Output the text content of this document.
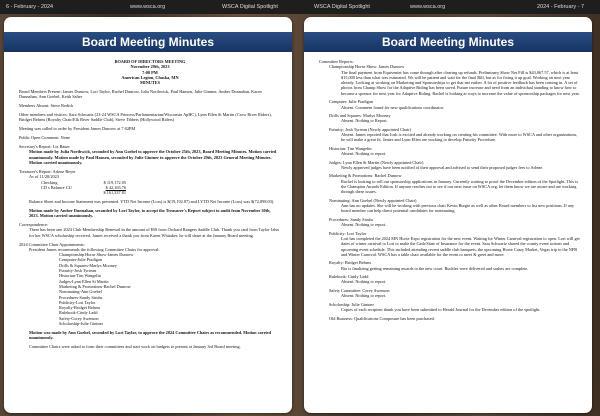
6 - February - 2024	www.wsca.org	WSCA Digital Spotlight	WSCA Digital Spotlight	www.wsca.org	2024 - February - 7
Board Meeting Minutes
BOARD OF DIRECTORS MEETING
November 29th, 2023
7:00 PM
American Legion, Chaska, MN
MINUTES

Board Members Present: James Dunrow, Lori Taylor, Rachel Dunrow, Julia Northwick, Paul Hansen, Julie Gintner, Amber Dunnahan, Karen Dunnahan, Ann Goebel, Keith Salter

Members Absent: Steve Redick

Other members and visitors: Sara Schwartz (23-24 WSCA Princess/Parliamentarian/Wisconsin ApHC), Lynn Ellen St Martin (Crow River Riders), Bridget Behrns (Royalty Chair/Elk River Saddle Club), Steve Tibbets (Hollywood Riders)

Meeting was called to order by President James Dunrow at 7:02PM

Public Open Comment: None

Secretary's Report: Liz Bauer

Motion made by Julia Northwick, seconded by Ann Goebel to approve the October 25th, 2023, Board Meeting Minutes. Motion carried unanimously. Motion made by Paul Hansen, seconded by Julie Gintner to approve the October 29th, 2023 General Meeting Minutes. Motion carried unanimously.

Treasurer's Report: Arlene Beyer
As of 11/28/2023
Checking	$ 119,172.05
CD s Balance CU	$ 42,165.76
$ 161,337.81

Balance Sheet and Income Statement was presented. YTD Net Income (Loss) is $(19,192.87) and LYTD Net Income (Loss) was $(72,898.03).

Motion made by Amber Dunnahan, seconded by Lori Taylor, to accept the Treasurer's Report subject to audit from November 30th, 2023. Motion carried unanimously.

Correspondence:

There has been one 2024 Club Membership Renewal in the amount of $50 from Orchard Rangers Saddle Club. Thank you card from Taylor Jahn for her WSCA scholarship received. James received a thank you from Karen Whitaker, he will share at the January Board meeting.

2024 Committee Chair Appointments:
President James recommends the following Committee Chairs for approval:
Championship Horse Show-James Dunrow
Computer-Julie Pradigan
Drills & Squares-Marlys Mooney
Futurity-Josh Tyrrean
Historian-Tim Wangelin
Judges-Lynn Ellen St Martin
Marketing & Promotions-Rachel Dunrow
Nominating-Ann Goebel
Procedures-Sandy Struhs
Publicity-Lori Taylor
Royalty-Bridget Behrns
Rulebook-Cindy Ladd
Safety-Corey Swenson
Scholarship-Julie Gintner

Motion was made by Ann Goebel, seconded by Lori Taylor, to approve the 2024 Committee Chairs as recommended. Motion carried unanimously.

Committee Chairs were asked to form their committees and start work on budgets to present at January 3rd Board meeting.

Board Meeting Minutes
Committee Reports:
Championship Horse Show: James Dunrow
The final payment from Equiventer has come through after clearing up refunds. Preliminary Show Net Fill is $43,067.57, which is at least $15,000 less than what was estimated. We will be patient and wait for the final Bill, but as for fixing it up goal. Working on next year already. Looking at working on Marketing and Sponsorships to get that net earlier. A lot of positive feedback has been coming in. A set of photos from Champ Show for the Adaptive Riding has been saved. Future increase and need from an individual standing to know how to become a sponsor for next year for Adaptive Riding. Rachel is looking at ways to increase the value of sponsorship packages for next year.
Computer: Julie Pradigan
Absent. Comment found for new qualifications coordinator.
Drills and Squares: Marlys Mooney
Absent. Nothing to Report.
Futurity: Josh Tyrrean (Newly appointed Chair)
Absent. James reported that Josh is excited and already working on creating his committee. With more to WSCA and other organizations, he will make a great fit. James and Lynn Ellen are working to develop Futurity Procedure.
Historian: Tim Wangelin
Absent. Nothing to report.
Judges: Lynn Ellen St Martin (Newly appointed Chair)
Newly approved judges have been notified of their approval and advised to send their proposed judges fees to Arlene.
Marketing & Promotions: Rachel Dunrow
Rachel is looking to roll out sponsorship applications in January. Currently waiting to proof the December edition of the Spotlight. This is the Champion Awards Edition. If anyone reaches out to see if our next issue on WSCA.org, let them know we are aware and are working through these issues.
Nominating: Ann Goebel (Newly appointed Chair)
Ann has no updates. She will be working with previous chair Kevin Burgie as well as other Board members to list new positions. If any board member can help direct potential candidates for nominating.
Procedures: Sandy Struhs
Absent. Nothing to report.
Publicity: Lori Taylor
Lori has completed the 2024 MN Horse Expo registration for the new event. Waiting for Winter Carnival registration to open. Lori will get dates of winter carnival to Lori to make the Cash/State of Insurance for the event. Sara Schwartz shared the county event actions and upcoming event schedule. This included attending recent saddle club banquets, the upcoming Horse Crazy Market, Vegas trip to the NFR and Winter Carnival. WSCA has a table chair available for the event to meet & greet and more.
Royalty: Bridget Behrns
Bio is finalizing getting remaining awards to the new court. Buckles were delivered and sashes are complete.
Rulebook: Cindy Ladd
Absent. Nothing to report.
Safety Committee: Corey Swenson
Absent. Nothing to report.
Scholarship: Julie Gintner
Copies of each recipient thank you have been submitted to Herald Journal for the December edition of the spotlight.
Old Business: Qualifications Composure has been purchased.
